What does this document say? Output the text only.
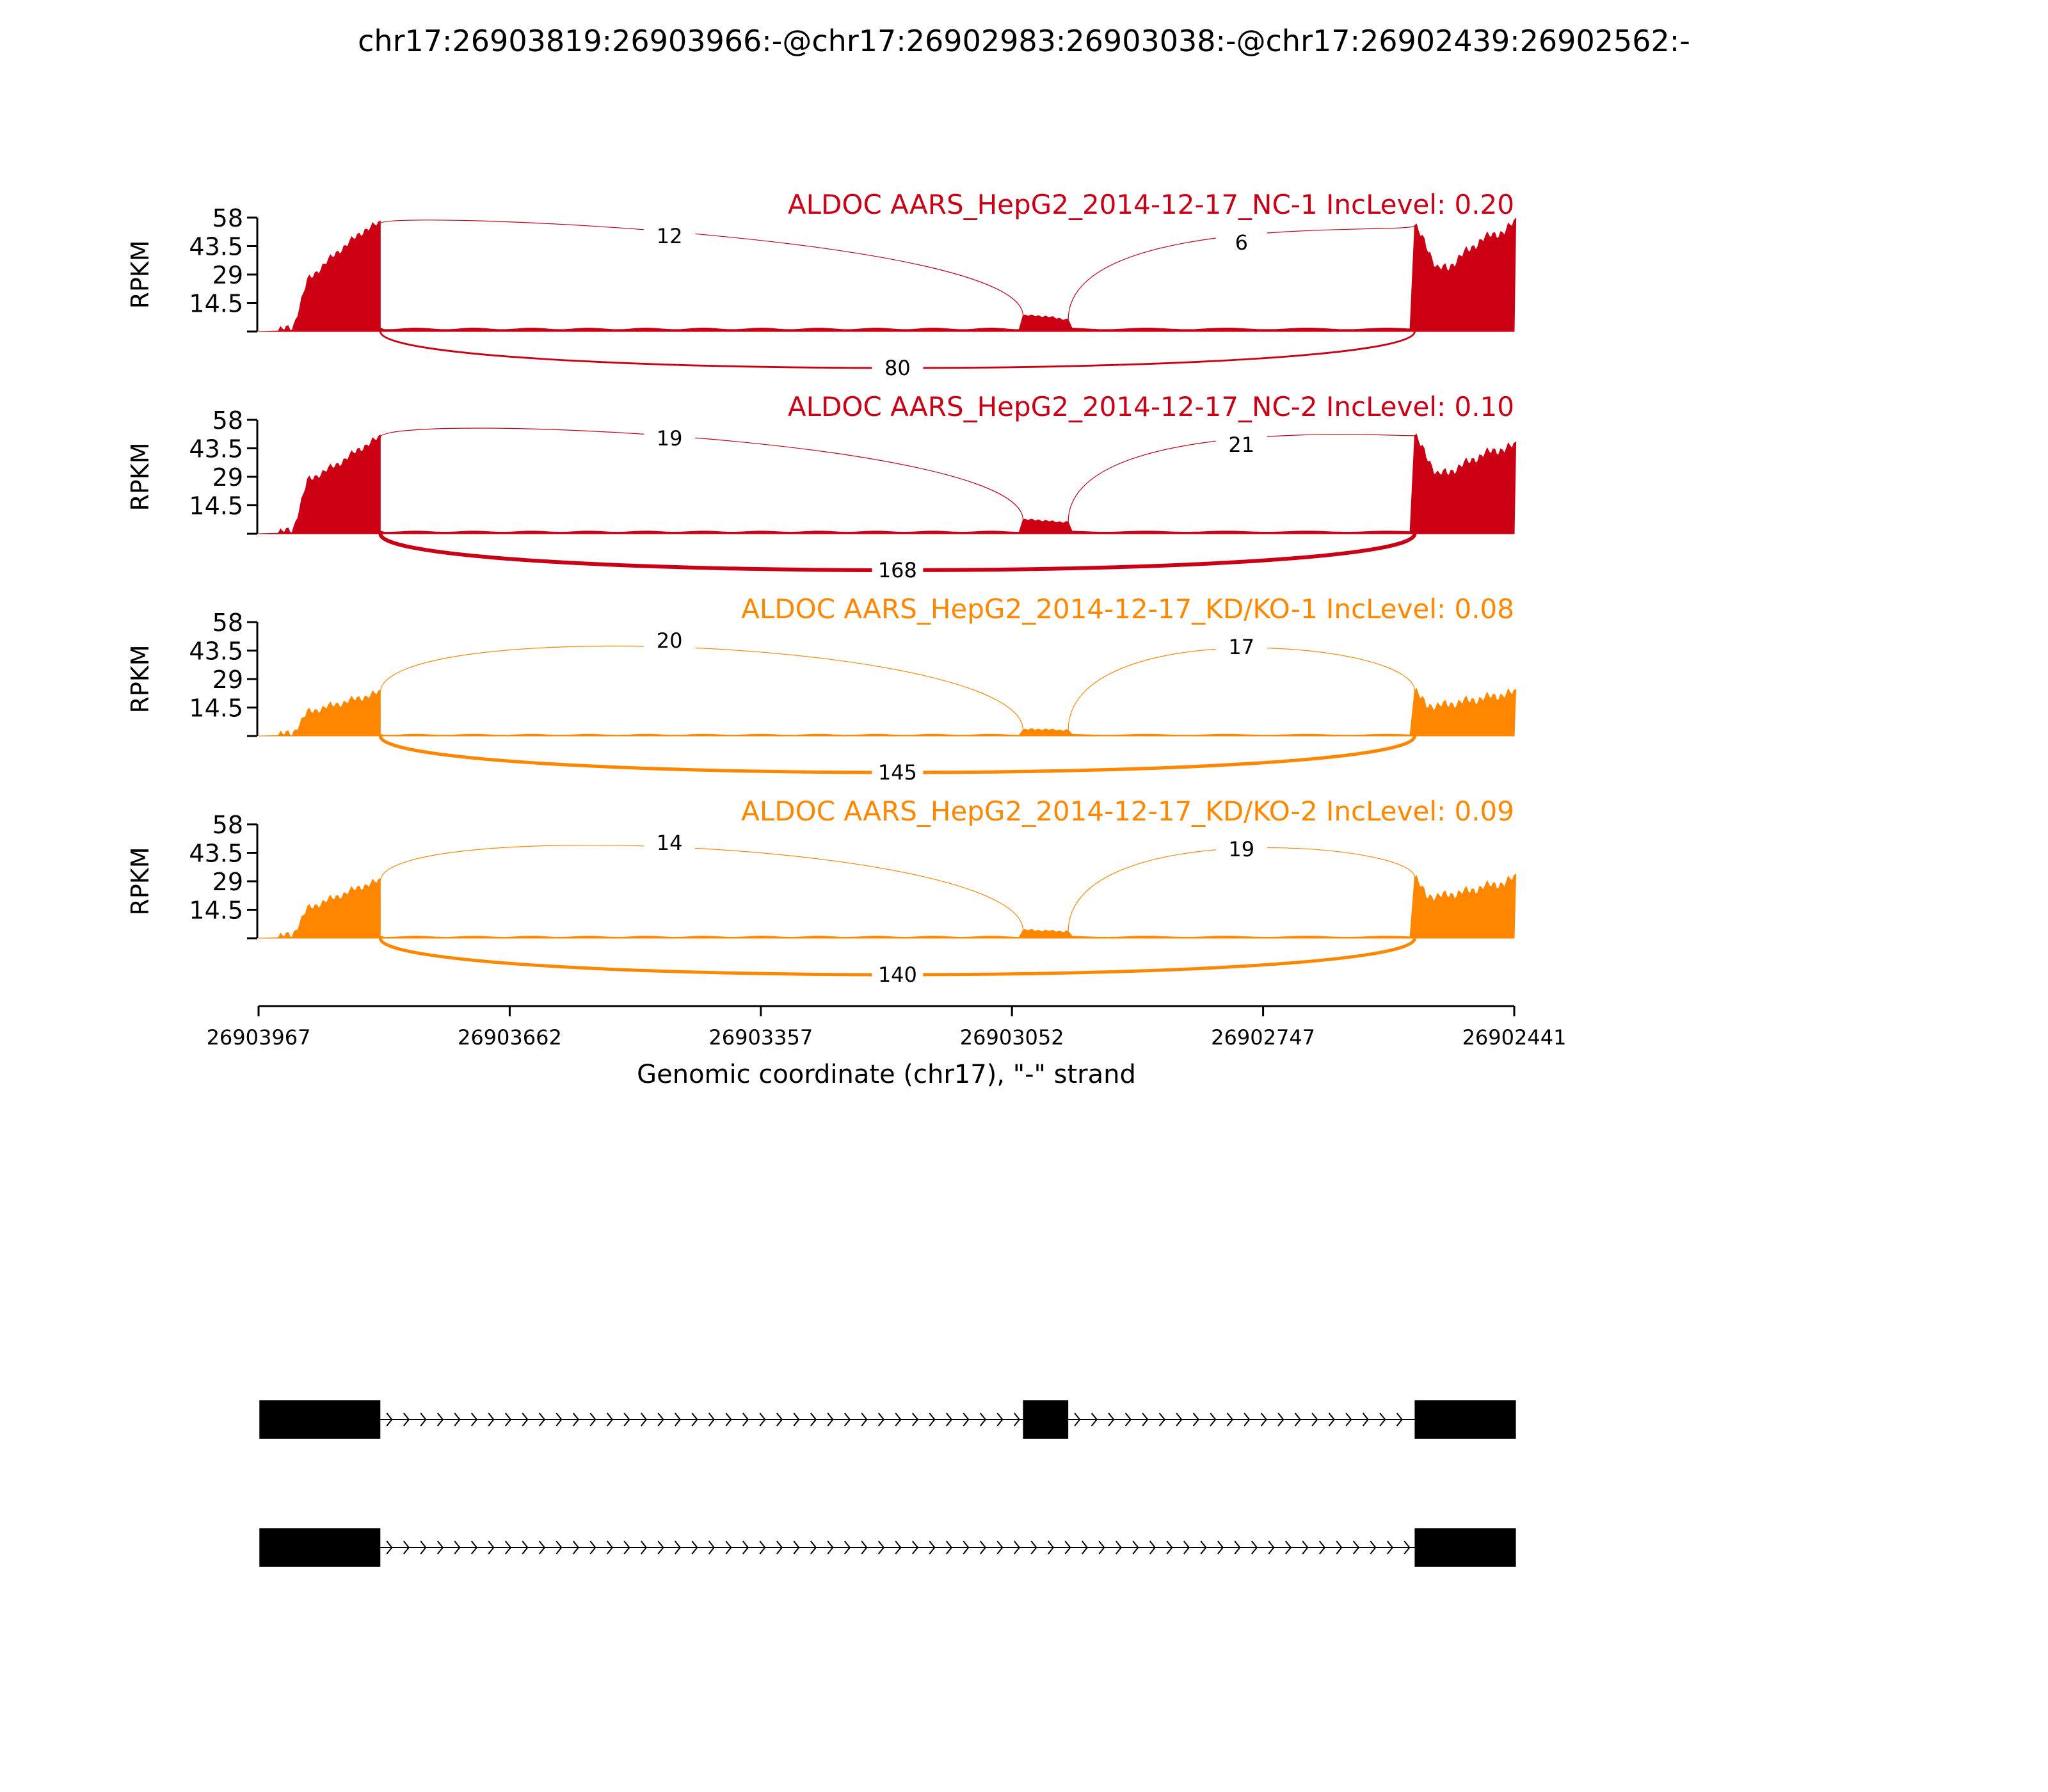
chr17:26903819:26903966:-@chr17:26902983:26903038:-@chr17:26902439:26902562:-
58
43.5
29
14.5
RPKM
ALDOC AARS_HepG2_2014-12-17_NC-1 IncLevel: 0.20
12	6
80
58
43.5
29
14.5
RPKM
ALDOC AARS_HepG2_2014-12-17_NC-2 IncLevel: 0.10
19	21
168
58
43.5
29
14.5
RPKM
ALDOC AARS_HepG2_2014-12-17_KD/KO-1 IncLevel: 0.08
20	17
145
58
43.5
29
14.5
RPKM
ALDOC AARS_HepG2_2014-12-17_KD/KO-2 IncLevel: 0.09
14	19
140
26903967	26903662	26903357	26903052	26902747	26902441
Genomic coordinate (chr17), "-" strand
